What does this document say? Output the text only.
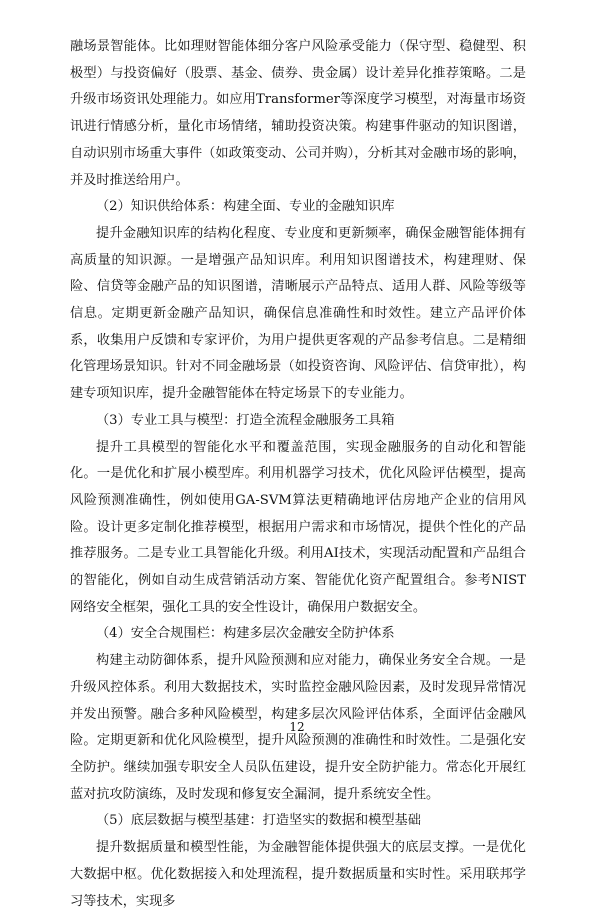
融场景智能体。比如理财智能体细分客户风险承受能力（保守型、稳健型、积极型）与投资偏好（股票、基金、债券、贵金属）设计差异化推荐策略。二是升级市场资讯处理能力。如应用Transformer等深度学习模型，对海量市场资讯进行情感分析，量化市场情绪，辅助投资决策。构建事件驱动的知识图谱，自动识别市场重大事件（如政策变动、公司并购），分析其对金融市场的影响，并及时推送给用户。

（2）知识供给体系：构建全面、专业的金融知识库

提升金融知识库的结构化程度、专业度和更新频率，确保金融智能体拥有高质量的知识源。一是增强产品知识库。利用知识图谱技术，构建理财、保险、信贷等金融产品的知识图谱，清晰展示产品特点、适用人群、风险等级等信息。定期更新金融产品知识，确保信息准确性和时效性。建立产品评价体系，收集用户反馈和专家评价，为用户提供更客观的产品参考信息。二是精细化管理场景知识。针对不同金融场景（如投资咨询、风险评估、信贷审批），构建专项知识库，提升金融智能体在特定场景下的专业能力。

（3）专业工具与模型：打造全流程金融服务工具箱

提升工具模型的智能化水平和覆盖范围，实现金融服务的自动化和智能化。一是优化和扩展小模型库。利用机器学习技术，优化风险评估模型，提高风险预测准确性，例如使用GA-SVM算法更精确地评估房地产企业的信用风险。设计更多定制化推荐模型，根据用户需求和市场情况，提供个性化的产品推荐服务。二是专业工具智能化升级。利用AI技术，实现活动配置和产品组合的智能化，例如自动生成营销活动方案、智能优化资产配置组合。参考NIST网络安全框架，强化工具的安全性设计，确保用户数据安全。

（4）安全合规围栏：构建多层次金融安全防护体系

构建主动防御体系，提升风险预测和应对能力，确保业务安全合规。一是升级风控体系。利用大数据技术，实时监控金融风险因素，及时发现异常情况并发出预警。融合多种风险模型，构建多层次风险评估体系，全面评估金融风险。定期更新和优化风险模型，提升风险预测的准确性和时效性。二是强化安全防护。继续加强专职安全人员队伍建设，提升安全防护能力。常态化开展红蓝对抗攻防演练，及时发现和修复安全漏洞，提升系统安全性。

（5）底层数据与模型基建：打造坚实的数据和模型基础

提升数据质量和模型性能，为金融智能体提供强大的底层支撑。一是优化大数据中枢。优化数据接入和处理流程，提升数据质量和实时性。采用联邦学习等技术，实现多

12
